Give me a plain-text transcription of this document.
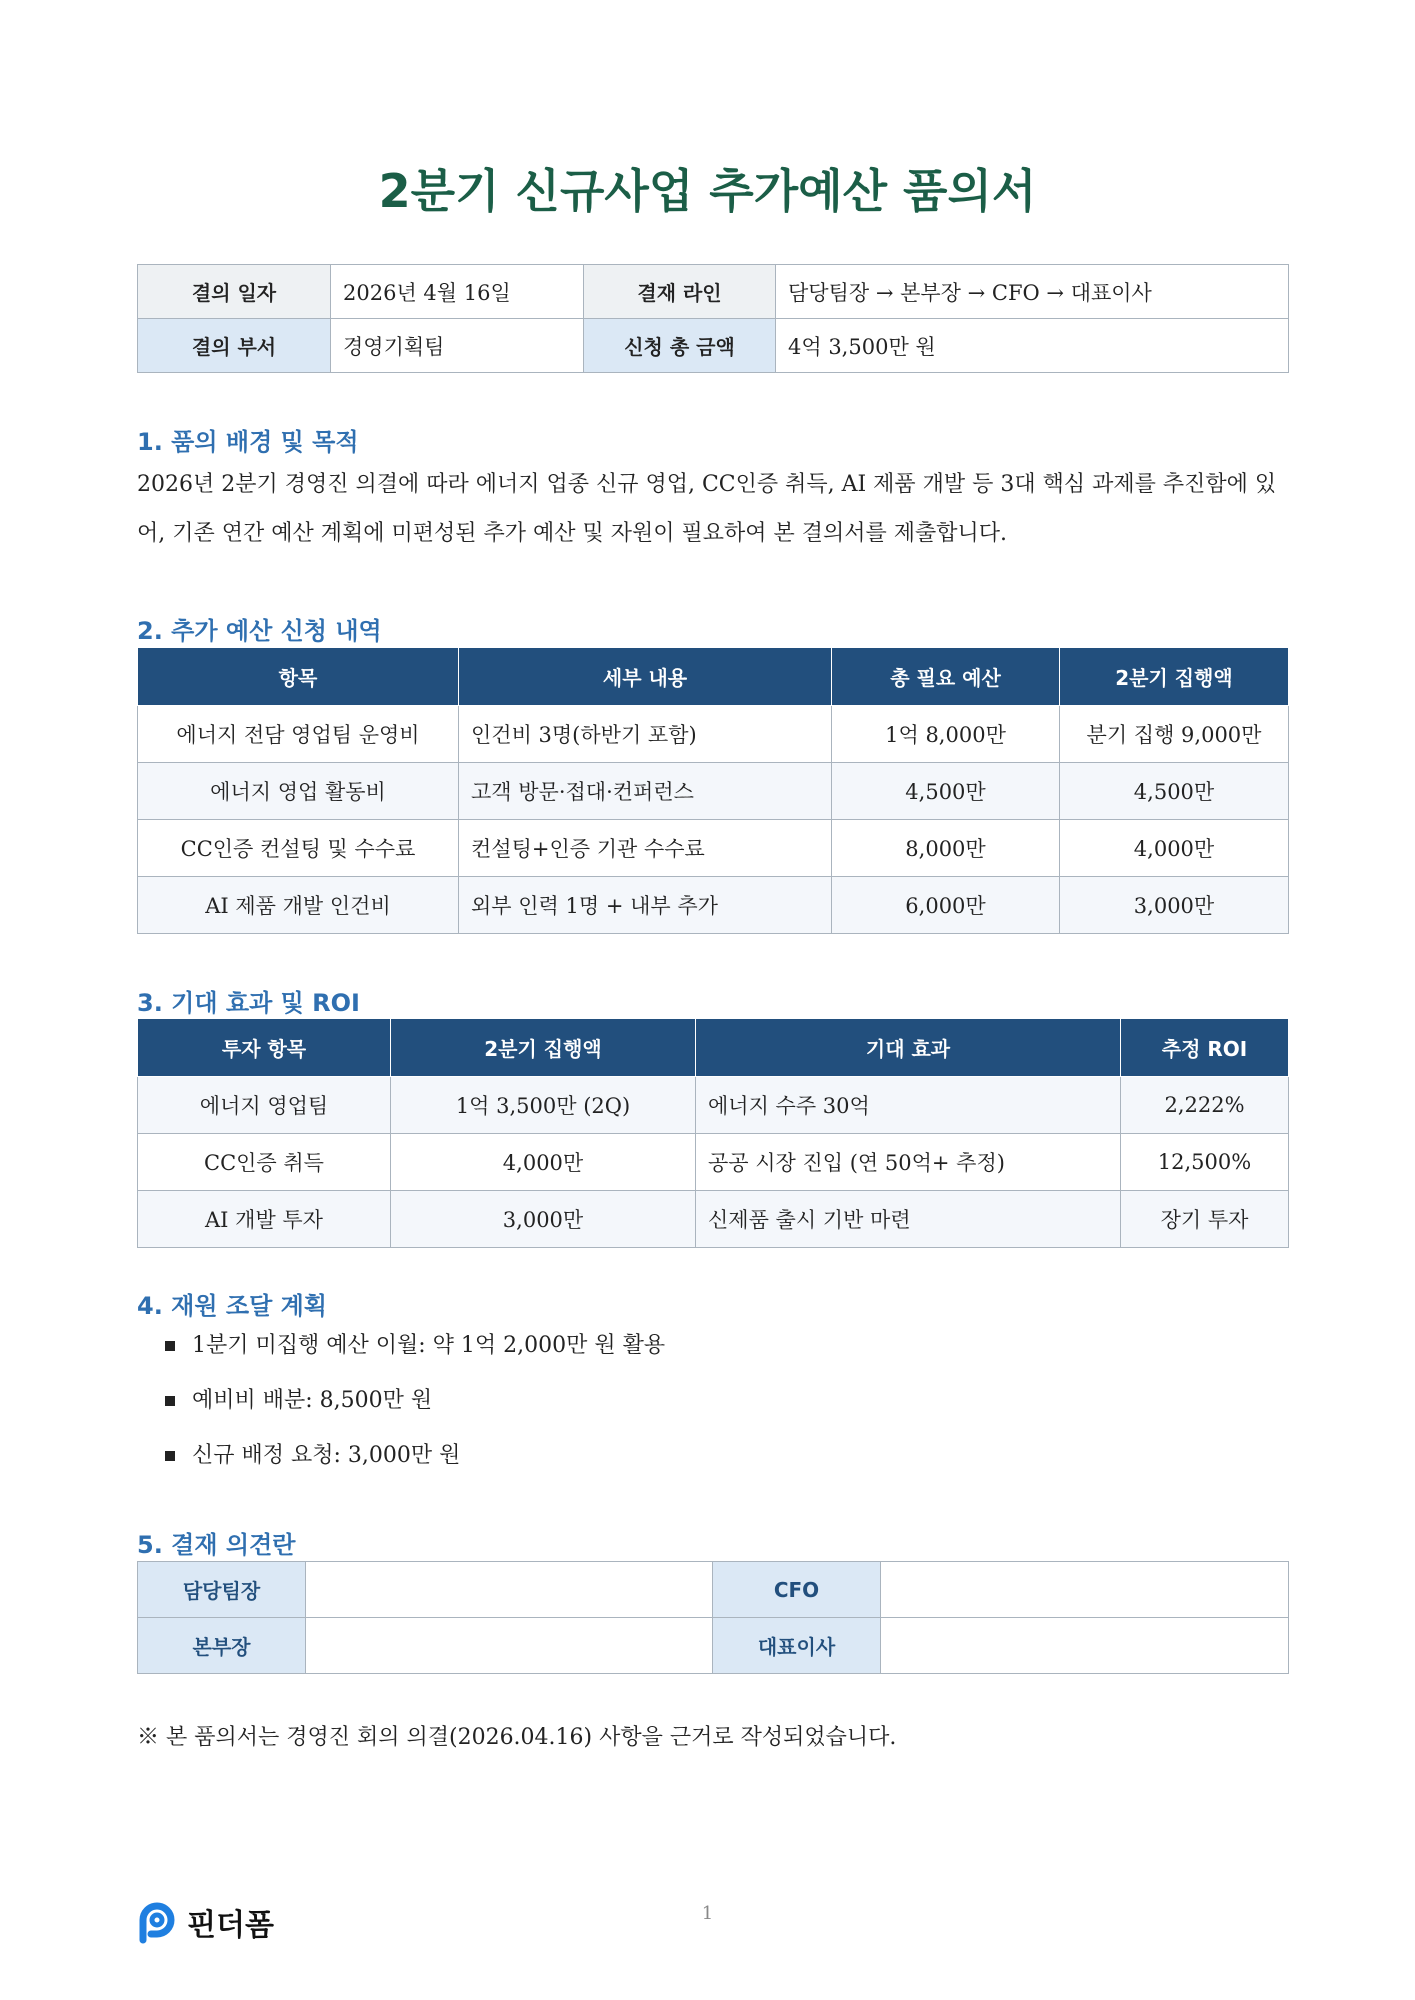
2분기 신규사업 추가예산 품의서
결의 일자	2026년 4월 16일	결재 라인	담당팀장 → 본부장 → CFO → 대표이사
결의 부서	경영기획팀	신청 총 금액	4억 3,500만 원
1. 품의 배경 및 목적
2026년 2분기 경영진 의결에 따라 에너지 업종 신규 영업, CC인증 취득, AI 제품 개발 등 3대 핵심 과제를 추진함에 있어, 기존 연간 예산 계획에 미편성된 추가 예산 및 자원이 필요하여 본 결의서를 제출합니다.
2. 추가 예산 신청 내역
항목	세부 내용	총 필요 예산	2분기 집행액
에너지 전담 영업팀 운영비	인건비 3명(하반기 포함)	1억 8,000만	분기 집행 9,000만
에너지 영업 활동비	고객 방문·접대·컨퍼런스	4,500만	4,500만
CC인증 컨설팅 및 수수료	컨설팅+인증 기관 수수료	8,000만	4,000만
AI 제품 개발 인건비	외부 인력 1명 + 내부 추가	6,000만	3,000만
3. 기대 효과 및 ROI
투자 항목	2분기 집행액	기대 효과	추정 ROI
에너지 영업팀	1억 3,500만 (2Q)	에너지 수주 30억	2,222%
CC인증 취득	4,000만	공공 시장 진입 (연 50억+ 추정)	12,500%
AI 개발 투자	3,000만	신제품 출시 기반 마련	장기 투자
4. 재원 조달 계획
1분기 미집행 예산 이월: 약 1억 2,000만 원 활용
예비비 배분: 8,500만 원
신규 배정 요청: 3,000만 원
5. 결재 의견란
담당팀장		CFO	
본부장		대표이사	
※ 본 품의서는 경영진 회의 의결(2026.04.16) 사항을 근거로 작성되었습니다.
핀더폼	1
